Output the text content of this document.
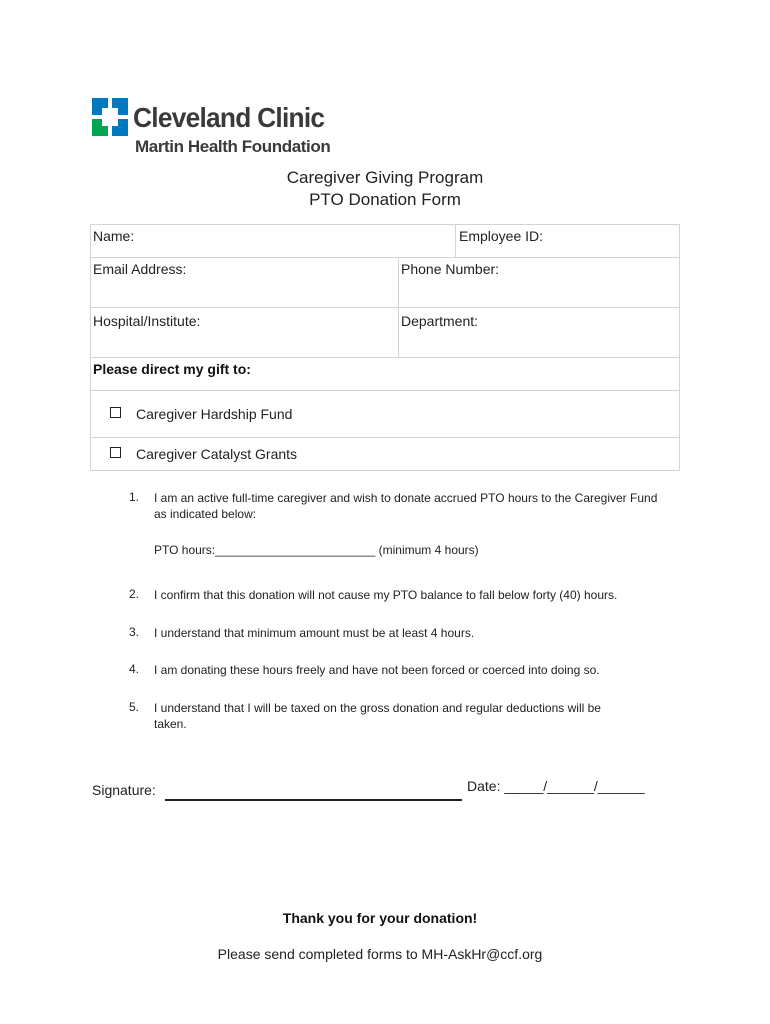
Cleveland Clinic
Martin Health Foundation
Caregiver Giving Program
PTO Donation Form
Name:	Employee ID:
Email Address:	Phone Number:
Hospital/Institute:	Department:
Please direct my gift to:
Caregiver Hardship Fund
Caregiver Catalyst Grants
1. I am an active full-time caregiver and wish to donate accrued PTO hours to the Caregiver Fund as indicated below:
PTO hours:________________________ (minimum 4 hours)
2. I confirm that this donation will not cause my PTO balance to fall below forty (40) hours.
3. I understand that minimum amount must be at least 4 hours.
4. I am donating these hours freely and have not been forced or coerced into doing so.
5. I understand that I will be taxed on the gross donation and regular deductions will be taken.
Signature:	Date: _____/______/______
Thank you for your donation!
Please send completed forms to MH-AskHr@ccf.org
